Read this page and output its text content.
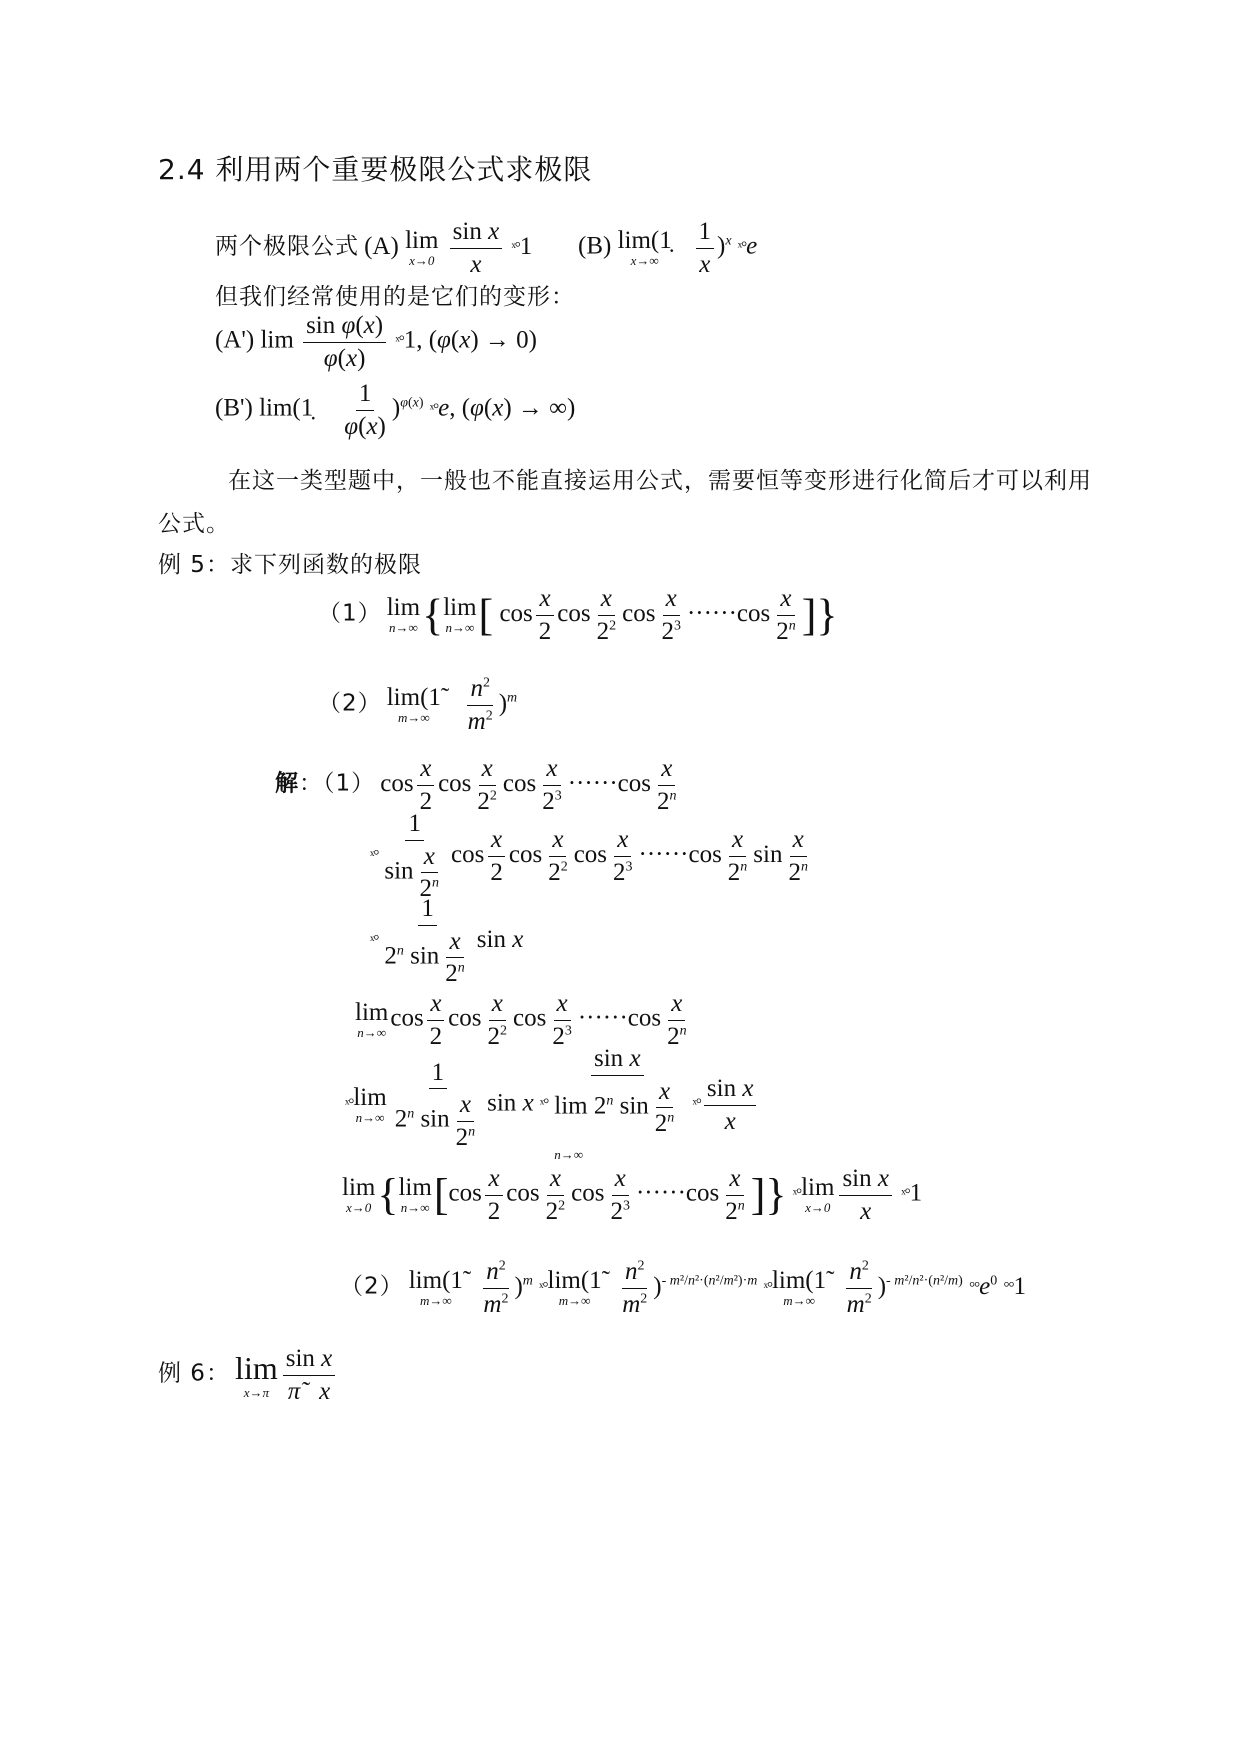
2.4 利用两个重要极限公式求极限
两个极限公式 (A) lim
x→0
$\frac{\text{sin x}}{x}$ ˣ°1 (B) lim(1̣
x→∞
$\frac{1}{x} )^x$ ˣ°e
但我们经常使用的是它们的变形：
(A') $\lim \frac{\text{sin φ(x)}}{\varphi(x)}$ ˣ°1, (φ(x) → 0)
(B') lim(1̣ $\frac{1}{\varphi(x)} )^{\varphi(x)}$ ˣ°e, (φ(x) → ∞)
在这一类型题中，一般也不能直接运用公式，需要恒等变形进行化简后才可以利用
公式。
例 5：求下列函数的极限
（1） lim
n→∞ { lim
n→∞ [ $\cos \frac{x}{2}$ $\cos \frac{x}{2^2}$ $\cos \frac{x}{2^3} \cdot\cdot\cdot\cdot\cdot\cdot\cos \frac{x}{2^n}$ ]}
（2） lim(1̃
m→∞
$\frac{n^2}{m^2} )^m$
解：（1） $\cos \frac{x}{2}$ $\cos \frac{x}{2^2}$ $\cos \frac{x}{2^3} \cdot\cdot\cdot\cdot\cdot\cdot\cos \frac{x}{2^n}$
ˣ° $\frac{1}{\sin \frac{x}{2^n}}$ $\cos \frac{x}{2}$ $\cos \frac{x}{2^2}$ $\cos \frac{x}{2^3} \cdot\cdot\cdot\cdot\cdot\cdot\cos \frac{x}{2^n}$ $\sin \frac{x}{2^n}$
ˣ° $\frac{1}{2^n \sin \frac{x}{2^n}}$ sin x
lim
n→∞
$\cos \frac{x}{2}$ $\cos \frac{x}{2^2}$ $\cos \frac{x}{2^3} \cdot\cdot\cdot\cdot\cdot\cdot\cos \frac{x}{2^n}$
ˣ° lim
$n\to\infty \frac{1}{2^n \sin \frac{x}{2^n}}$ sin x ˣ°
sin x
lim 2$^n$ $\sin \frac{x}{2^n}$

n→∞
ˣ° $\frac{\text{sin x}}{x}$
lim
x→0 { lim
n→∞ [$\cos \frac{x}{2}$ $\cos \frac{x}{2^2}$ $\cos \frac{x}{2^3} \cdot\cdot\cdot\cdot\cdot\cdot\cos \frac{x}{2^n}$ ]} ˣ° lim
$x\to 0 \frac{\text{sin x}}{x}$ ˣ°1
（2） lim(1̃
m→∞
$\frac{n^2}{m^2} )^m$ ˣ° lim(1̃
m→∞
$\frac{n^2}{m^2} )^{- m^2/n^2\cdot(n^2/m^2)\cdot m}$ ˣ° lim(1̃
m→∞
$\frac{n^2}{m^2} )^{- m^2/n^2\cdot(n^2/m)}$ $^\circ^\circ e^0$ °°1
例 6： lim
$x\to\pi \frac{\text{sin x}}{\pĩ x}$
